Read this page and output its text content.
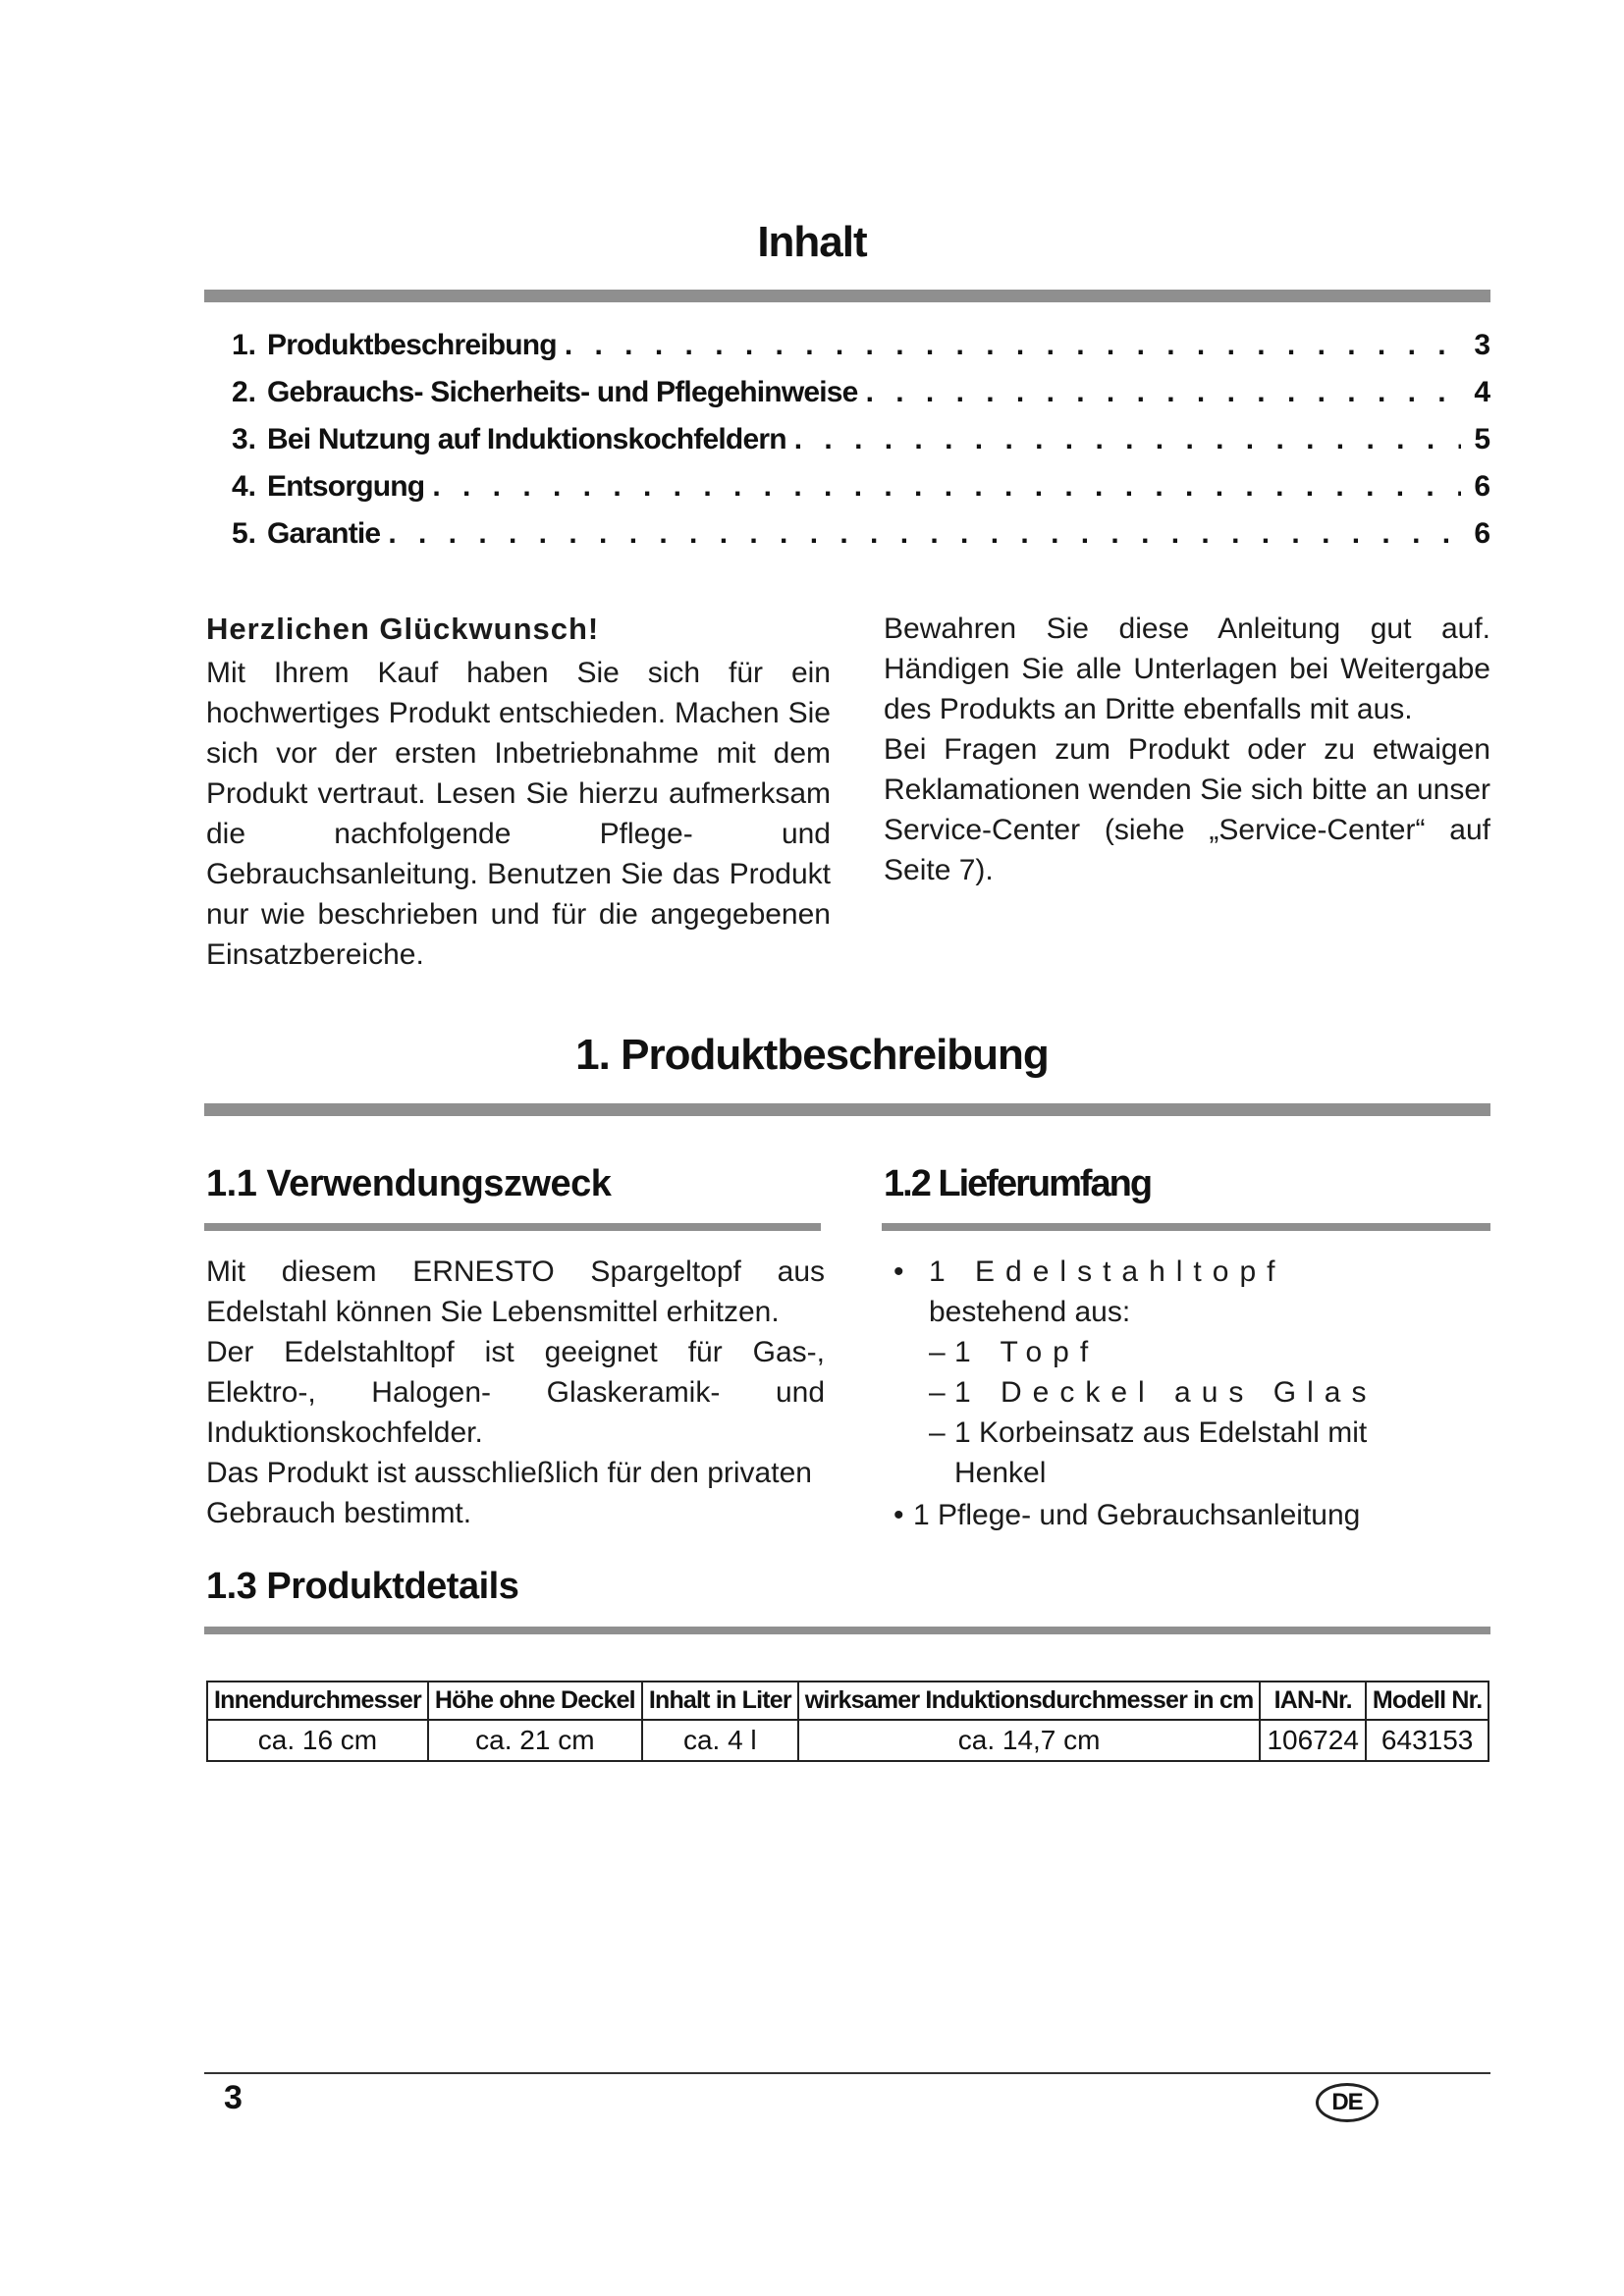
Inhalt
1. Produktbeschreibung . . .	3
2. Gebrauchs- Sicherheits- und Pflegehinweise . . .	4
3. Bei Nutzung auf Induktionskochfeldern . . .	5
4. Entsorgung . . .	6
5. Garantie . . .	6
Herzlichen Glückwunsch!

Mit Ihrem Kauf haben Sie sich für ein hochwertiges Produkt entschieden. Machen Sie sich vor der ersten Inbetriebnahme mit dem Produkt vertraut. Lesen Sie hierzu aufmerksam die nachfolgende Pflege- und Gebrauchsanleitung. Benutzen Sie das Produkt nur wie beschrieben und für die angegebenen Einsatzbereiche.

Bewahren Sie diese Anleitung gut auf. Händigen Sie alle Unterlagen bei Weitergabe des Produkts an Dritte ebenfalls mit aus.

Bei Fragen zum Produkt oder zu etwaigen Reklamationen wenden Sie sich bitte an unser Service-Center (siehe „Service-Center“ auf Seite 7).

1. Produktbeschreibung
1.1 Verwendungszweck

Mit diesem ERNESTO Spargeltopf aus Edelstahl können Sie Lebensmittel erhitzen.

Der Edelstahltopf ist geeignet für Gas-, Elektro-, Halogen- Glaskeramik- und Induktionskochfelder.

Das Produkt ist ausschließlich für den privaten Gebrauch bestimmt.

1.2 Lieferumfang
• 1 Edelstahltopf
bestehend aus:
– 1 Topf
– 1 Deckel aus Glas
– 1 Korbeinsatz aus Edelstahl mit Henkel
• 1 Pflege- und Gebrauchsanleitung
1.3 Produktdetails
Innendurchmesser	Höhe ohne Deckel	Inhalt in Liter	wirksamer Induktionsdurchmesser in cm	IAN-Nr.	Modell Nr.
ca. 16 cm	ca. 21 cm	ca. 4 l	ca. 14,7 cm	106724	643153
3	DE
